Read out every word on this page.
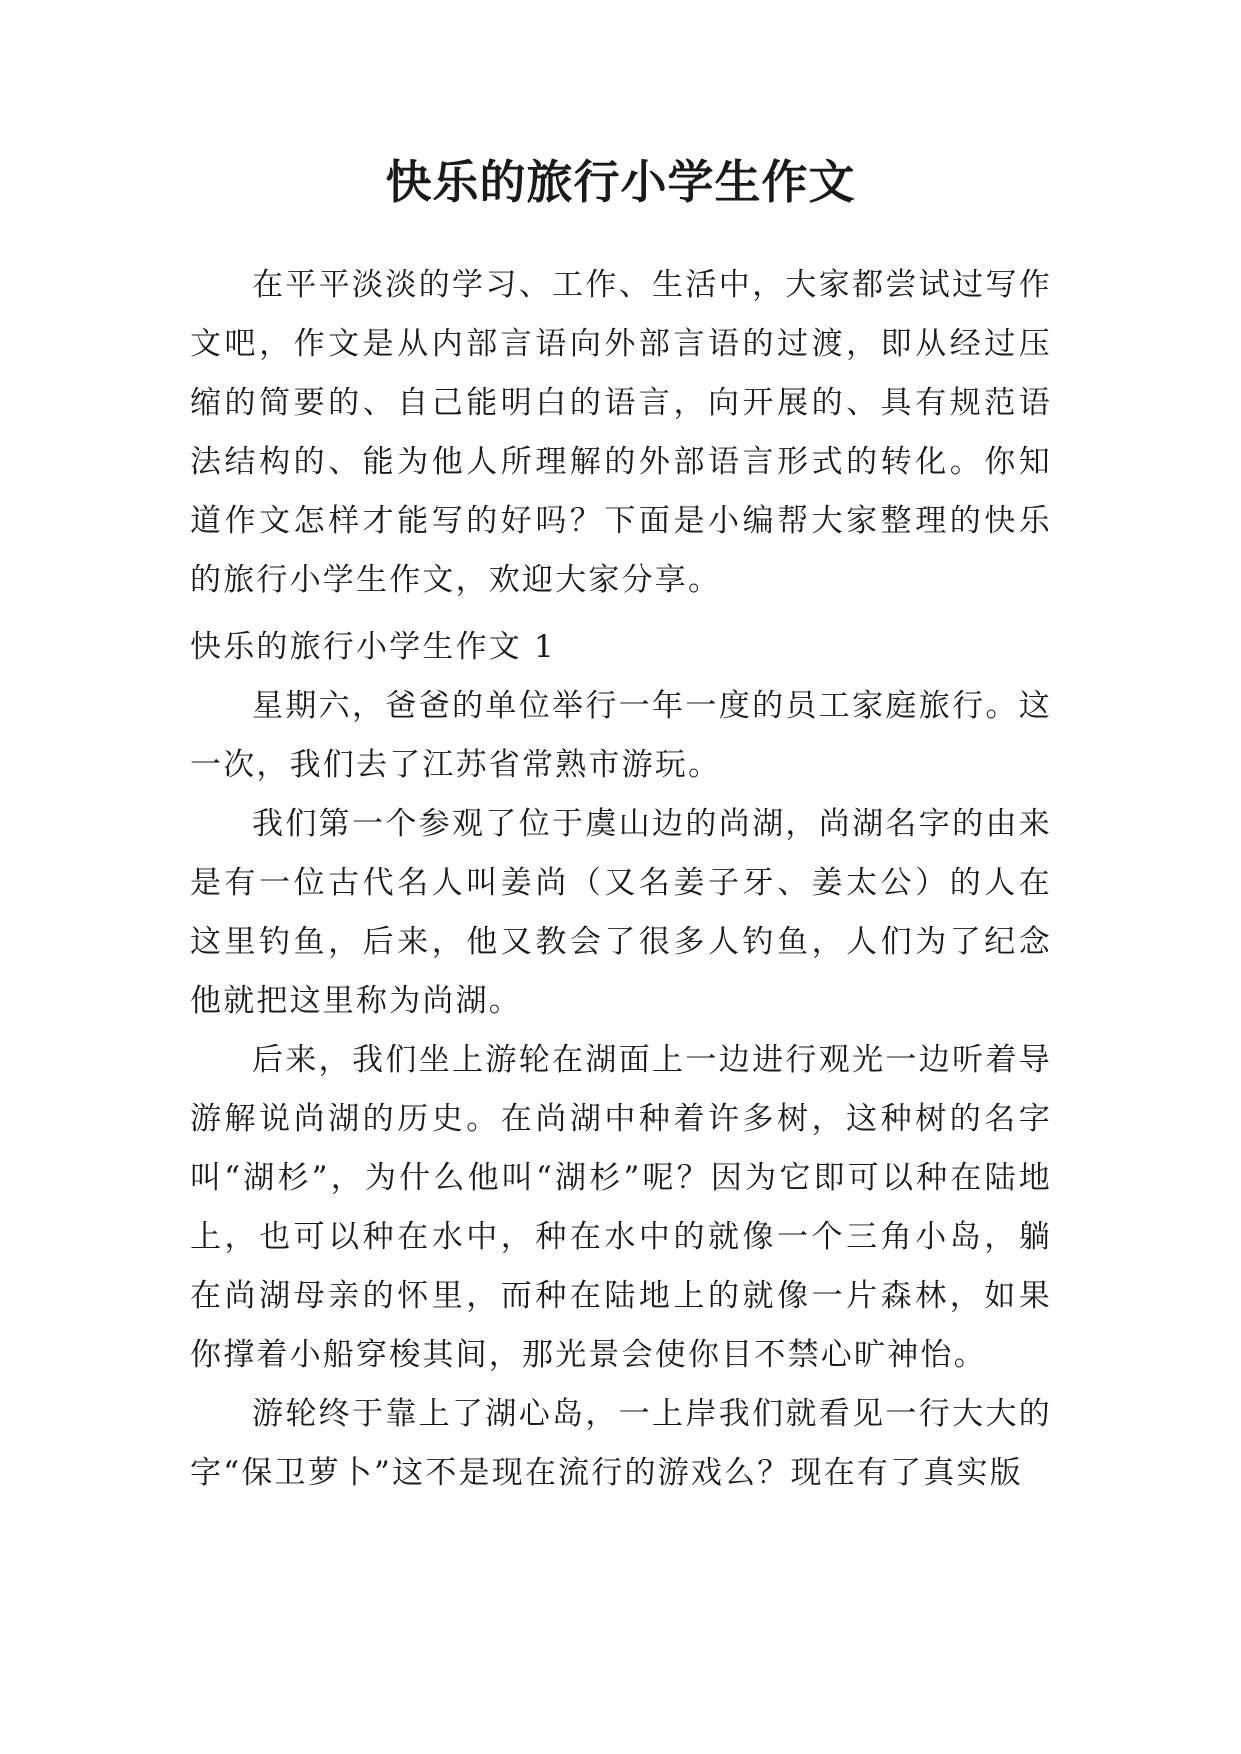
快乐的旅行小学生作文

在平平淡淡的学习、工作、生活中，大家都尝试过写作文吧，作文是从内部言语向外部言语的过渡，即从经过压缩的简要的、自己能明白的语言，向开展的、具有规范语法结构的、能为他人所理解的外部语言形式的转化。你知道作文怎样才能写的好吗？下面是小编帮大家整理的快乐的旅行小学生作文，欢迎大家分享。

快乐的旅行小学生作文 1

星期六，爸爸的单位举行一年一度的员工家庭旅行。这一次，我们去了江苏省常熟市游玩。

我们第一个参观了位于虞山边的尚湖，尚湖名字的由来是有一位古代名人叫姜尚（又名姜子牙、姜太公）的人在这里钓鱼，后来，他又教会了很多人钓鱼，人们为了纪念他就把这里称为尚湖。

后来，我们坐上游轮在湖面上一边进行观光一边听着导游解说尚湖的历史。在尚湖中种着许多树，这种树的名字叫“湖杉”，为什么他叫“湖杉”呢？因为它即可以种在陆地上，也可以种在水中，种在水中的就像一个三角小岛，躺在尚湖母亲的怀里，而种在陆地上的就像一片森林，如果你撑着小船穿梭其间，那光景会使你目不禁心旷神怡。

游轮终于靠上了湖心岛，一上岸我们就看见一行大大的字“保卫萝卜”这不是现在流行的游戏么？现在有了真实版
